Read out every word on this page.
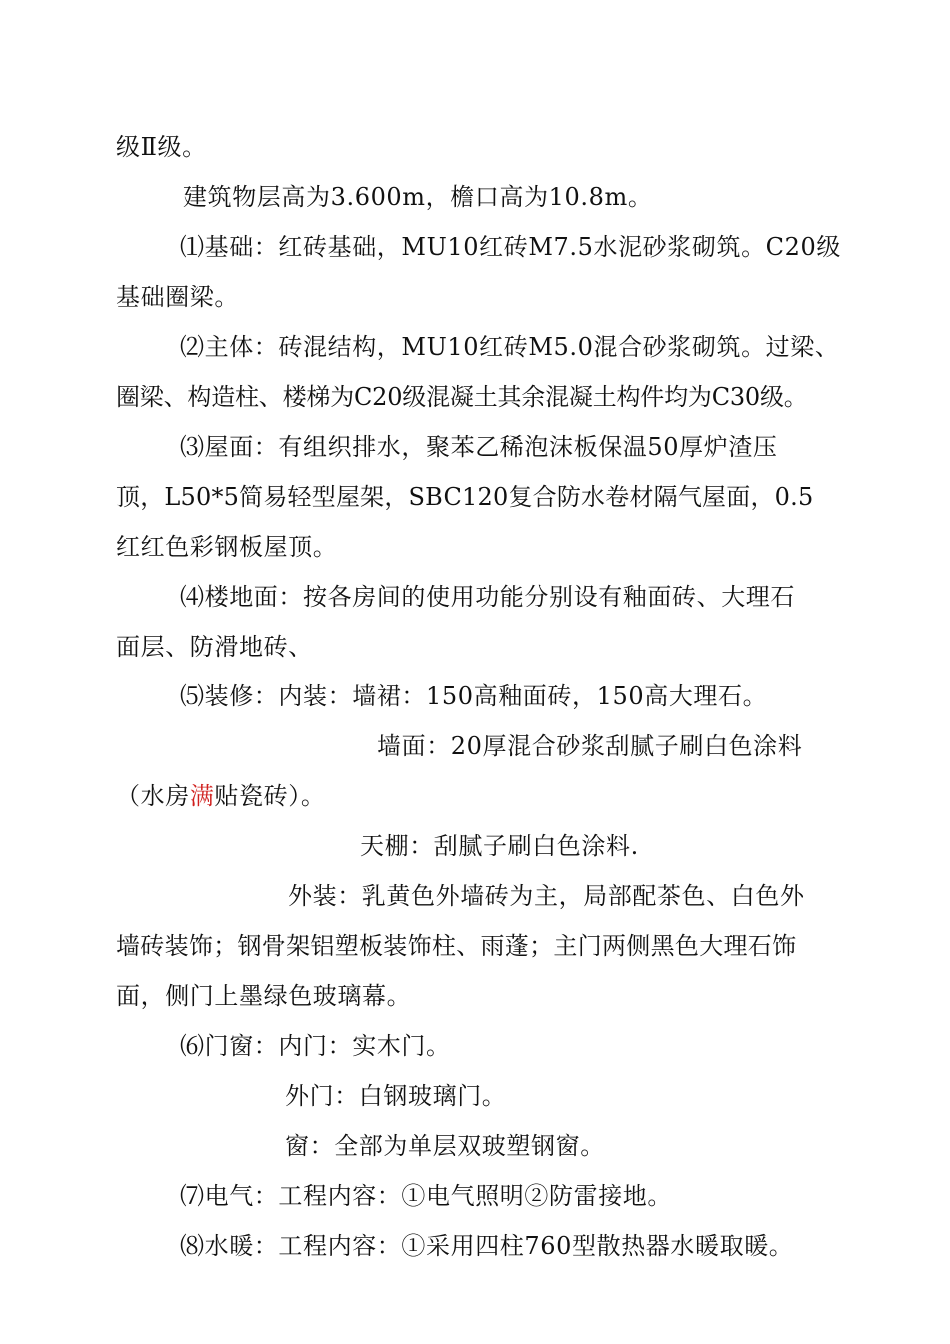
级Ⅱ级。
建筑物层高为3.600m，檐口高为10.8m。
⑴基础：红砖基础，MU10红砖M7.5水泥砂浆砌筑。C20级
基础圈梁。
⑵主体：砖混结构，MU10红砖M5.0混合砂浆砌筑。过梁、
圈梁、构造柱、楼梯为C20级混凝土其余混凝土构件均为C30级。
⑶屋面：有组织排水，聚苯乙稀泡沫板保温50厚炉渣压
顶，L50*5简易轻型屋架，SBC120复合防水卷材隔气屋面，0.5
红红色彩钢板屋顶。
⑷楼地面：按各房间的使用功能分别设有釉面砖、大理石
面层、防滑地砖、
⑸装修：内装：墙裙：150高釉面砖，150高大理石。
墙面：20厚混合砂浆刮腻子刷白色涂料
（水房满贴瓷砖）。
天棚：刮腻子刷白色涂料.
外装：乳黄色外墙砖为主，局部配茶色、白色外
墙砖装饰；钢骨架铝塑板装饰柱、雨蓬；主门两侧黑色大理石饰
面，侧门上墨绿色玻璃幕。
⑹门窗：内门：实木门。
外门：白钢玻璃门。
窗：全部为单层双玻塑钢窗。
⑺电气：工程内容：①电气照明②防雷接地。
⑻水暖：工程内容：①采用四柱760型散热器水暖取暖。
